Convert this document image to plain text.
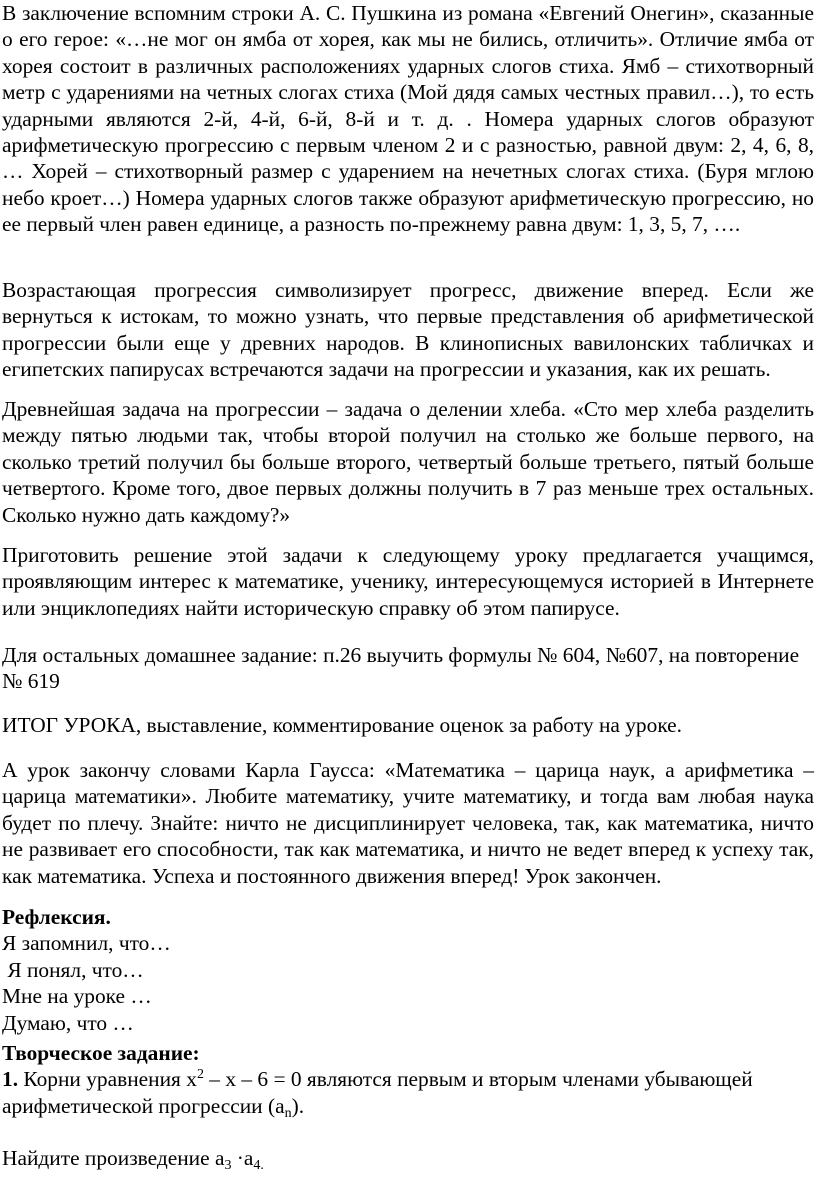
В заключение вспомним строки А. С. Пушкина из романа «Евгений Онегин», сказанные о его герое: «…не мог он ямба от хорея, как мы не бились, отличить». Отличие ямба от хорея состоит в различных расположениях ударных слогов стиха. Ямб – стихотворный метр с ударениями на четных слогах стиха (Мой дядя самых честных правил…), то есть ударными являются 2-й, 4-й, 6-й, 8-й и т. д. . Номера ударных слогов образуют арифметическую прогрессию с первым членом 2 и с разностью, равной двум: 2, 4, 6, 8, … Хорей – стихотворный размер с ударением на нечетных слогах стиха. (Буря мглою небо кроет…) Номера ударных слогов также образуют арифметическую прогрессию, но ее первый член равен единице, а разность по-прежнему равна двум: 1, 3, 5, 7, ….

Возрастающая прогрессия символизирует прогресс, движение вперед. Если же вернуться к истокам, то можно узнать, что первые представления об арифметической прогрессии были еще у древних народов. В клинописных вавилонских табличках и египетских папирусах встречаются задачи на прогрессии и указания, как их решать.

Древнейшая задача на прогрессии – задача о делении хлеба. «Сто мер хлеба разделить между пятью людьми так, чтобы второй получил на столько же больше первого, на сколько третий получил бы больше второго, четвертый больше третьего, пятый больше четвертого. Кроме того, двое первых должны получить в 7 раз меньше трех остальных. Сколько нужно дать каждому?»

Приготовить решение этой задачи к следующему уроку предлагается учащимся, проявляющим интерес к математике, ученику, интересующемуся историей в Интернете или энциклопедиях найти историческую справку об этом папирусе.

Для остальных домашнее задание: п.26 выучить формулы № 604, №607, на повторение № 619

ИТОГ УРОКА, выставление, комментирование оценок за работу на уроке.

А урок закончу словами Карла Гаусса: «Математика – царица наук, а арифметика – царица математики». Любите математику, учите математику, и тогда вам любая наука будет по плечу. Знайте: ничто не дисциплинирует человека, так, как математика, ничто не развивает его способности, так как математика, и ничто не ведет вперед к успеху так, как математика. Успеха и постоянного движения вперед! Урок закончен.

Рефлексия.
Я запомнил, что…
Я понял, что…
Мне на уроке …
Думаю, что …
Творческое задание:
1. Корни уравнения $х^2 - х - 6 = 0$ являются первым и вторым членами убывающей арифметической прогрессии $(а_n)$.
Найдите произведение $а_3 \cdot а_{4.}$
